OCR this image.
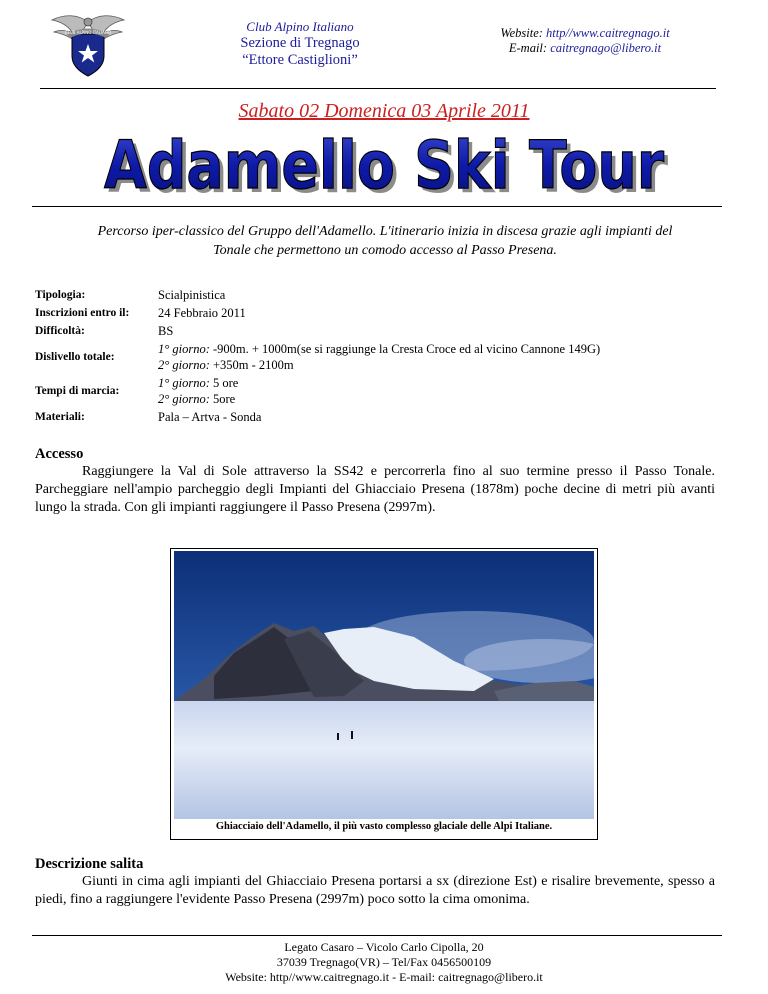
CLUB ALPINO ITALIANO	Club Alpino Italiano
Sezione di Tregnago
“Ettore Castiglioni”
Website: http//www.caitregnago.it
E-mail: caitregnago@libero.it
Sabato 02 Domenica 03 Aprile 2011
Adamello Ski Tour
Adamello Ski Tour
Percorso iper-classico del Gruppo dell'Adamello. L'itinerario inizia in discesa grazie agli impianti del Tonale che permettono un comodo accesso al Passo Presena.
Tipologia:	Scialpinistica
Inscrizioni entro il:	24 Febbraio 2011
Difficoltà:	BS
Dislivello totale:	1° giorno: -900m. + 1000m(se si raggiunge la Cresta Croce ed al vicino Cannone 149G)
2° giorno: +350m - 2100m

Tempi di marcia:	1° giorno: 5 ore
2° giorno: 5ore

Materiali:	Pala – Artva - Sonda
Accesso
Raggiungere la Val di Sole attraverso la SS42 e percorrerla fino al suo termine presso il Passo Tonale. Parcheggiare nell'ampio parcheggio degli Impianti del Ghiacciaio Presena (1878m) poche decine di metri più avanti lungo la strada. Con gli impianti raggiungere il Passo Presena (2997m).
Ghiacciaio dell'Adamello, il più vasto complesso glaciale delle Alpi Italiane.
Descrizione salita
Giunti in cima agli impianti del Ghiacciaio Presena portarsi a sx (direzione Est) e risalire brevemente, spesso a piedi, fino a raggiungere l'evidente Passo Presena (2997m) poco sotto la cima omonima.
Legato Casaro – Vicolo Carlo Cipolla, 20
37039 Tregnago(VR) – Tel/Fax 0456500109
Website: http//www.caitregnago.it - E-mail: caitregnago@libero.it
